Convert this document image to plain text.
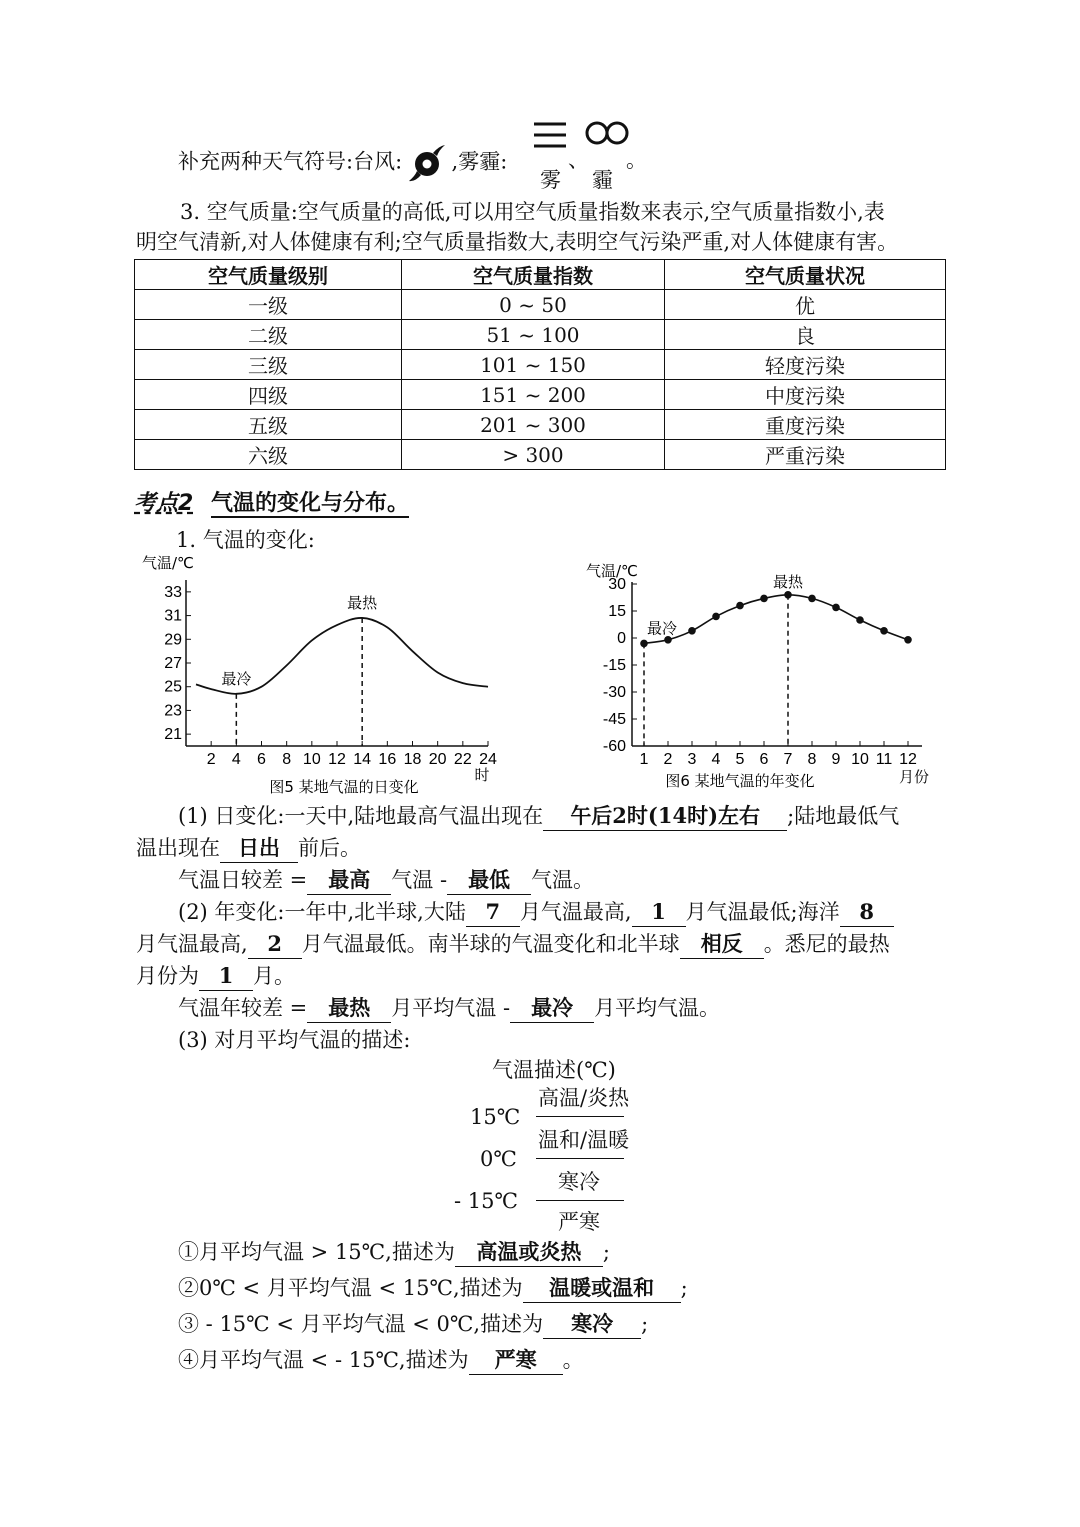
补充两种天气符号:台风: ,雾霾:	、 。
雾 霾
3. 空气质量:空气质量的高低,可以用空气质量指数来表示,空气质量指数小,表
明空气清新,对人体健康有利;空气质量指数大,表明空气污染严重,对人体健康有害。
空气质量级别	空气质量指数	空气质量状况
一级	0 ~ 50	优
二级	51 ~ 100	良
三级	101 ~ 150	轻度污染
四级	151 ~ 200	中度污染
五级	201 ~ 300	重度污染
六级	> 300	严重污染
考点2 气温的变化与分布。
1. 气温的变化:
气温/℃
21
23
25
27
29
31
33
2 4 6 8 10 12 14 16 18 20 22 24
时
最冷
最热
图5 某地气温的日变化
气温/℃
30
15
0
-15
-30
-45
-60
1 2 3 4 5 6 7 8 9 10 11 12
月份
最冷
最热
图6 某地气温的年变化
(1) 日变化:一天中,陆地最高气温出现在 午后2时(14时)左右 ;陆地最低气
温出现在 日出 前后。
气温日较差 = 最高 气温 - 最低 气温。
(2) 年变化:一年中,北半球,大陆 7 月气温最高, 1 月气温最低;海洋 8
月气温最高, 2 月气温最低。南半球的气温变化和北半球 相反 。悉尼的最热
月份为 1 月。
气温年较差 = 最热 月平均气温 - 最冷 月平均气温。
(3) 对月平均气温的描述:
气温描述(℃)
高温/炎热
15℃
温和/温暖
0℃
寒冷
- 15℃
严寒
①月平均气温 > 15℃,描述为 高温或炎热 ;
②0℃ < 月平均气温 < 15℃,描述为 温暖或温和 ;
③ - 15℃ < 月平均气温 < 0℃,描述为 寒冷 ;
④月平均气温 < - 15℃,描述为 严寒 。
